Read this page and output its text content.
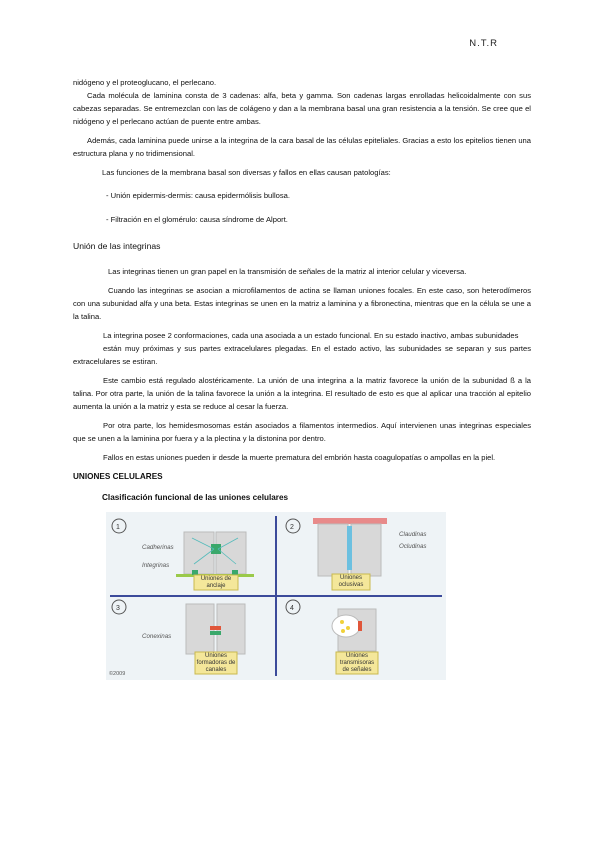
N.T.R

nidógeno y el proteoglucano, el perlecano.

Cada molécula de laminina consta de 3 cadenas: alfa, beta y gamma. Son cadenas largas enrolladas helicoidalmente con sus cabezas separadas. Se entremezclan con las de colágeno y dan a la membrana basal una gran resistencia a la tensión. Se cree que el nidógeno y el perlecano actúan de puente entre ambas.

Además, cada laminina puede unirse a la integrina de la cara basal de las células epiteliales. Gracias a esto los epitelios tienen una estructura plana y no tridimensional.

Las funciones de la membrana basal son diversas y fallos en ellas causan patologías:

- Unión epidermis-dermis: causa epidermólisis bullosa.

- Filtración en el glomérulo: causa síndrome de Alport.

Unión de las integrinas

Las integrinas tienen un gran papel en la transmisión de señales de la matriz al interior celular y viceversa.

Cuando las integrinas se asocian a microfilamentos de actina se llaman uniones focales. En este caso, son heterodímeros con una subunidad alfa y una beta. Estas integrinas se unen en la matriz a laminina y a fibronectina, mientras que en la célula se une a la talina.

La integrina posee 2 conformaciones, cada una asociada a un estado funcional. En su estado inactivo, ambas subunidades

están muy próximas y sus partes extracelulares plegadas. En el estado activo, las subunidades se separan y sus partes extracelulares se estiran.

Este cambio está regulado alostéricamente. La unión de una integrina a la matriz favorece la unión de la subunidad ß a la talina. Por otra parte, la unión de la talina favorece la unión a la integrina. El resultado de esto es que al aplicar una tracción al epitelio aumenta la unión a la matriz y esta se reduce al cesar la fuerza.

Por otra parte, los hemidesmosomas están asociados a filamentos intermedios. Aquí intervienen unas integrinas especiales que se unen a la laminina por fuera y a la plectina y la distonina por dentro.

Fallos en estas uniones pueden ir desde la muerte prematura del embrión hasta coagulopatías o ampollas en la piel.

UNIONES CELULARES
Clasificación funcional de las uniones celulares
1	2
3	4
Cadherinas
Integrinas
Claudinas
Ocludinas
Conexinas
Uniones de anclaje
Uniones oclusivas
Uniones formadoras de canales
Uniones transmisoras de señales
©2009
